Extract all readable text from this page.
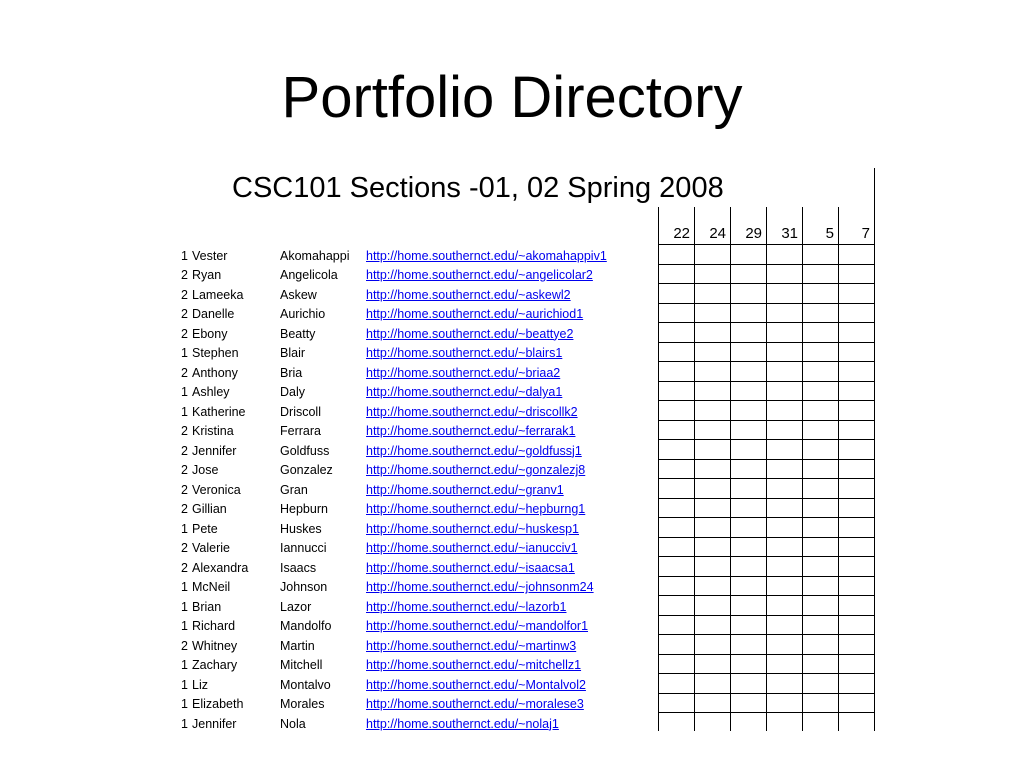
Portfolio Directory
CSC101 Sections -01, 02 Spring 2008
22	24	29	31	5	7
1 Vester	Akomahappi http://home.southernct.edu/~akomahappiv1
2 Ryan	Angelicola http://home.southernct.edu/~angelicolar2
2 Lameeka	Askew	http://home.southernct.edu/~askewl2
2 Danelle	Aurichio	http://home.southernct.edu/~aurichiod1
2 Ebony	Beatty	http://home.southernct.edu/~beattye2
1 Stephen	Blair	http://home.southernct.edu/~blairs1
2 Anthony	Bria	http://home.southernct.edu/~briaa2
1 Ashley	Daly	http://home.southernct.edu/~dalya1
1 Katherine	Driscoll	http://home.southernct.edu/~driscollk2
2 Kristina	Ferrara	http://home.southernct.edu/~ferrarak1
2 Jennifer	Goldfuss	http://home.southernct.edu/~goldfussj1
2 Jose	Gonzalez	http://home.southernct.edu/~gonzalezj8
2 Veronica	Gran	http://home.southernct.edu/~granv1
2 Gillian	Hepburn	http://home.southernct.edu/~hepburng1
1 Pete	Huskes	http://home.southernct.edu/~huskesp1
2 Valerie	Iannucci	http://home.southernct.edu/~ianucciv1
2 Alexandra	Isaacs	http://home.southernct.edu/~isaacsa1
1 McNeil	Johnson	http://home.southernct.edu/~johnsonm24
1 Brian	Lazor	http://home.southernct.edu/~lazorb1
1 Richard	Mandolfo	http://home.southernct.edu/~mandolfor1
2 Whitney	Martin	http://home.southernct.edu/~martinw3
1 Zachary	Mitchell	http://home.southernct.edu/~mitchellz1
1 Liz	Montalvo	http://home.southernct.edu/~Montalvol2
1 Elizabeth	Morales	http://home.southernct.edu/~moralese3
1 Jennifer	Nola	http://home.southernct.edu/~nolaj1
